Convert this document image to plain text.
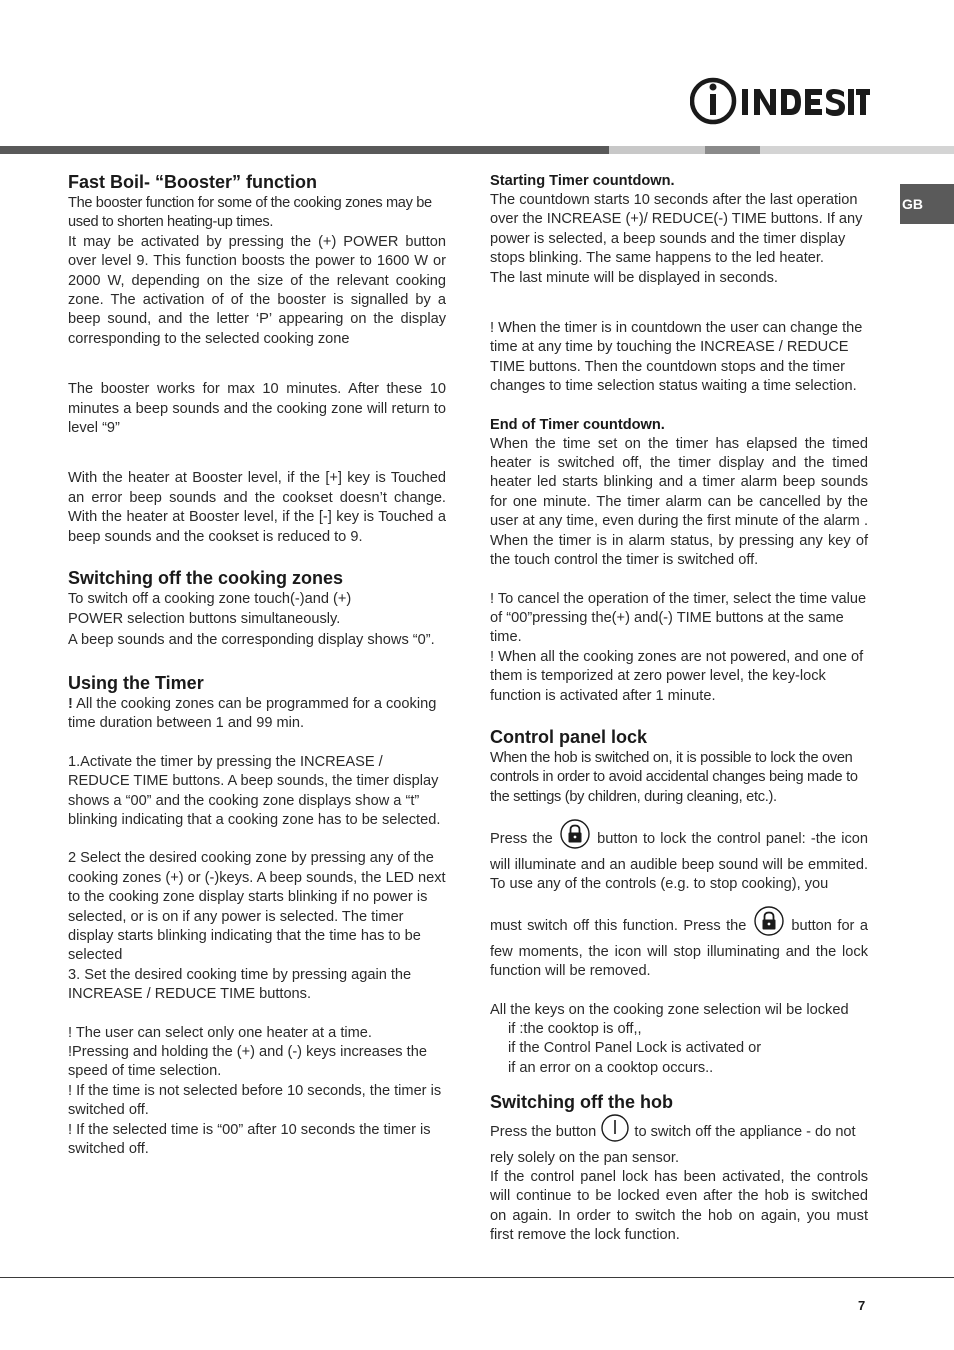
GB
Fast Boil- “Booster” function

The booster function for some of the cooking zones may be used to shorten heating-up times.

It may be activated by pressing the (+) POWER button over level 9. This function boosts the power to 1600 W or 2000 W, depending on the size of the relevant cooking zone. The activation of of the booster is signalled by a beep sound, and the letter ‘P’ appearing on the display corresponding to the selected cooking zone

The booster works for max 10 minutes. After these 10 minutes a beep sounds and the cooking zone will return to level “9”

With the heater at Booster level, if the [+] key is Touched an error beep sounds and the cookset doesn’t change. With the heater at Booster level, if the [-] key is Touched a beep sounds and the cookset is reduced to 9.

Switching off the cooking zones

To switch off a cooking zone touch(-)and (+)

POWER selection buttons simultaneously.

A beep sounds and the corresponding display shows “0”.

Using the Timer

! All the cooking zones can be programmed for a cooking time duration between 1 and 99 min.

1.Activate the timer by pressing the INCREASE / REDUCE TIME buttons. A beep sounds, the timer display shows a “00” and the cooking zone displays show a “t” blinking indicating that a cooking zone has to be selected.

2 Select the desired cooking zone by pressing any of the cooking zones (+) or (-)keys. A beep sounds, the LED next to the cooking zone display starts blinking if no power is selected, or is on if any power is selected. The timer display starts blinking indicating that the time has to be selected

3. Set the desired cooking time by pressing again the INCREASE / REDUCE TIME buttons.

! The user can select only one heater at a time.

!Pressing and holding the (+) and (-) keys increases the speed of time selection.

! If the time is not selected before 10 seconds, the timer is switched off.

! If the selected time is “00” after 10 seconds the timer is switched off.

Starting Timer countdown.

The countdown starts 10 seconds after the last operation over the INCREASE (+)/ REDUCE(-) TIME buttons. If any power is selected, a beep sounds and the timer display stops blinking. The same happens to the led heater.

The last minute will be displayed in seconds.

! When the timer is in countdown the user can change the time at any time by touching the INCREASE / REDUCE TIME buttons. Then the countdown stops and the timer changes to time selection status waiting a time selection.

End of Timer countdown.

When the time set on the timer has elapsed the timed heater is switched off, the timer display and the timed heater led starts blinking and a timer alarm beep sounds for one minute. The timer alarm can be cancelled by the user at any time, even during the first minute of the alarm . When the timer is in alarm status, by pressing any key of the touch control the timer is switched off.

! To cancel the operation of the timer, select the time value of “00”pressing the(+) and(-) TIME buttons at the same time.

! When all the cooking zones are not powered, and one of them is temporized at zero power level, the key-lock function is activated after 1 minute.

Control panel lock

When the hob is switched on, it is possible to lock the oven controls in order to avoid accidental changes being made to the settings (by children, during cleaning, etc.).

Press the  button to lock the control panel: -the icon will illuminate and an audible beep sound will be emmited. To use any of the controls (e.g. to stop cooking), you

must switch off this function. Press the  button for a few moments, the icon will stop illuminating and the lock function will be removed.

All the keys on the cooking zone selection wil be locked

if :the cooktop is off,,

if the Control Panel Lock is activated or

if an error on a cooktop occurs..

Switching off the hob

Press the button  to switch off the appliance - do not rely solely on the pan sensor.

If the control panel lock has been activated, the controls will continue to be locked even after the hob is switched on again. In order to switch the hob on again, you must first remove the lock function.

7
